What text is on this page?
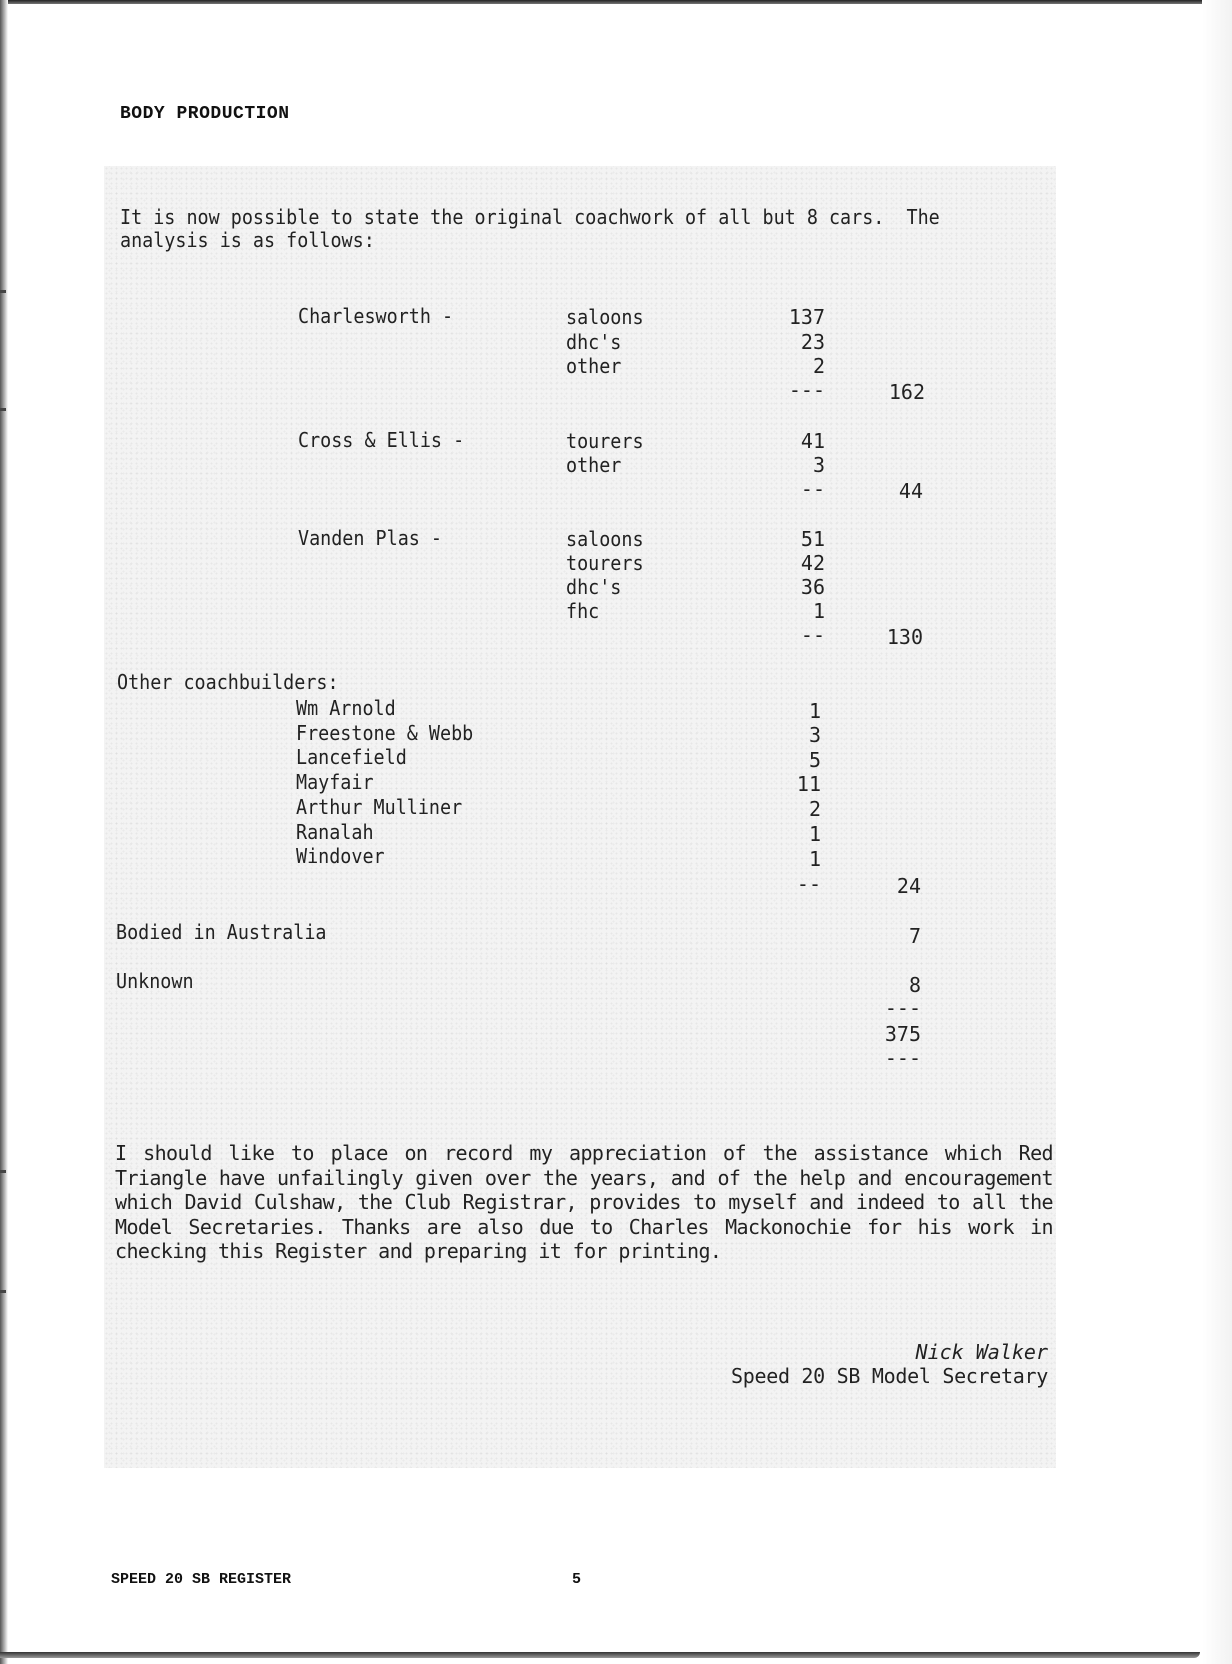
BODY PRODUCTION
It is now possible to state the original coachwork of all but 8 cars.  The
analysis is as follows:
Charlesworth -	saloons	137
dhc's	23
other	2
---	162
Cross & Ellis -	tourers	41
other	3
--	44
Vanden Plas -	saloons	51
tourers	42
dhc's	36
fhc	1
--	130
Other coachbuilders:
Wm Arnold	1
Freestone & Webb	3
Lancefield	5
Mayfair	11
Arthur Mulliner	2
Ranalah	1
Windover	1
--	24
Bodied in Australia	7
Unknown	8
---
375
---
I should like to place on record my appreciation of the assistance which Red Triangle have unfailingly given over the years, and of the help and encouragement which David Culshaw, the Club Registrar, provides to myself and indeed to all the Model Secretaries. Thanks are also due to Charles Mackonochie for his work in checking this Register and preparing it for printing.
Nick Walker
Speed 20 SB Model Secretary
SPEED 20 SB REGISTER	5
